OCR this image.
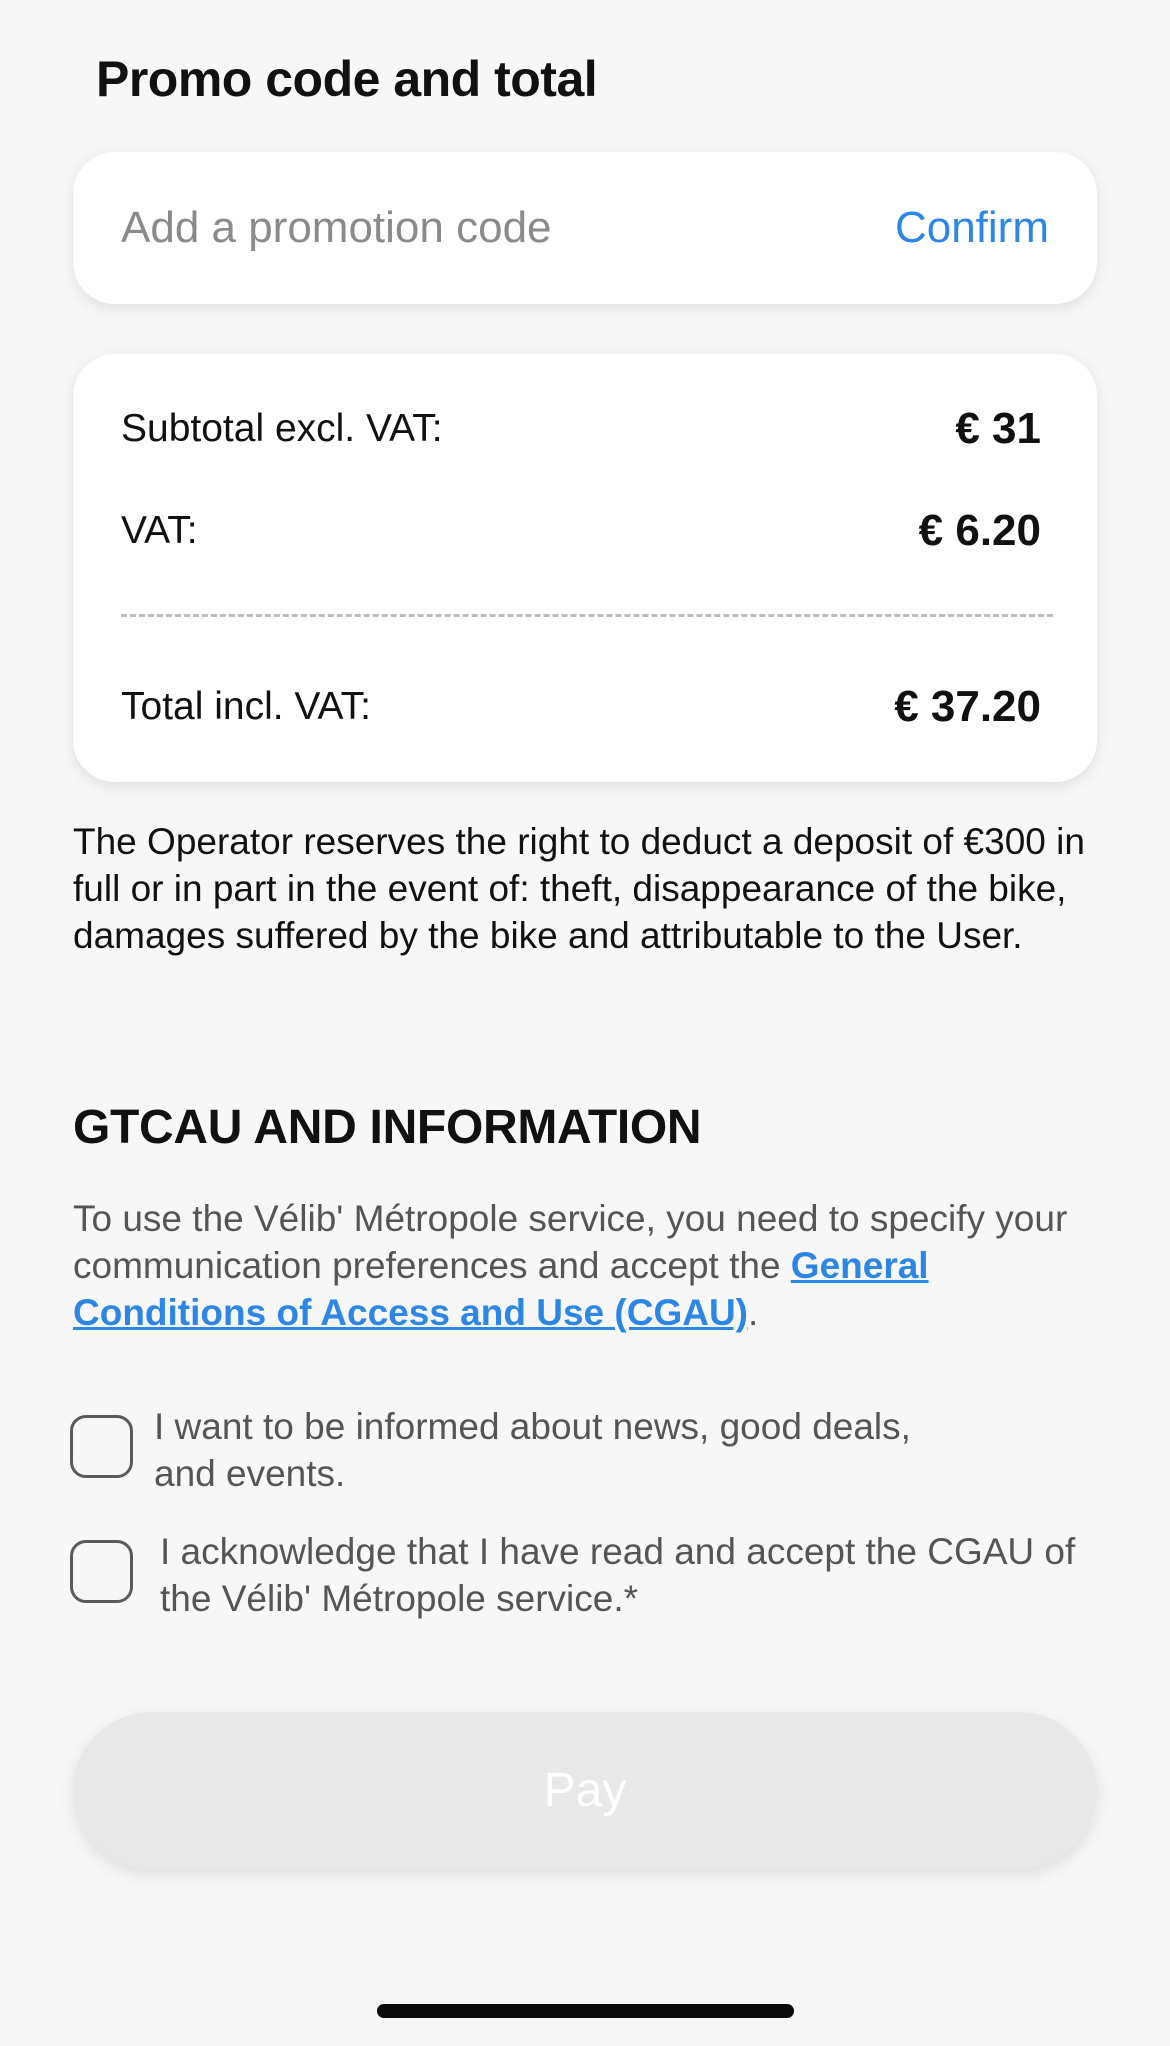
Promo code and total
Add a promotion code
Confirm
Subtotal excl. VAT:	€ 31
VAT:	€ 6.20
Total incl. VAT:	€ 37.20

The Operator reserves the right to deduct a deposit of €300 in full or in part in the event of: theft, disappearance of the bike, damages suffered by the bike and attributable to the User.

GTCAU AND INFORMATION

To use the Vélib' Métropole service, you need to specify your communication preferences and accept the General Conditions of Access and Use (CGAU).

I want to be informed about news, good deals, and events.
I acknowledge that I have read and accept the CGAU of the Vélib' Métropole service.*
Pay
